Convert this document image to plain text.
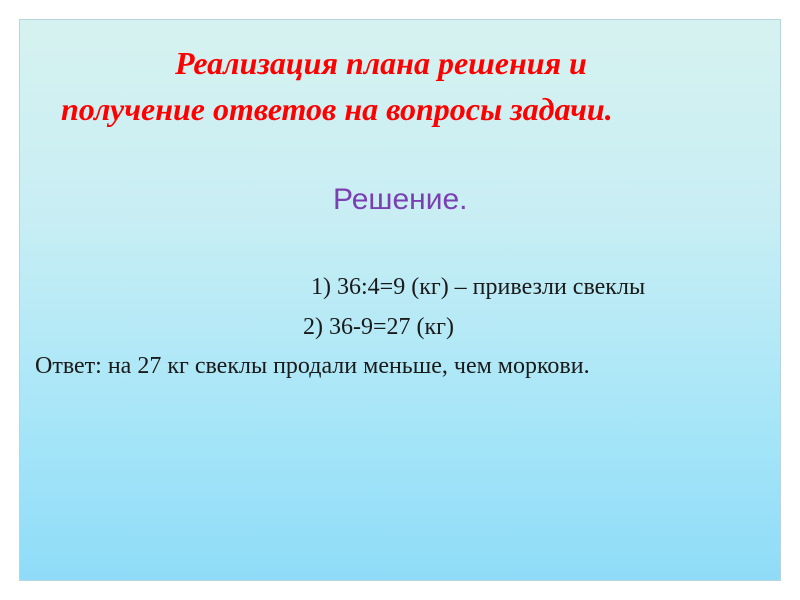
Реализация плана решения и
получение ответов на вопросы задачи.
Решение.
1) 36:4=9 (кг) – привезли свеклы
2) 36-9=27 (кг)
Ответ: на 27 кг свеклы продали меньше, чем моркови.
